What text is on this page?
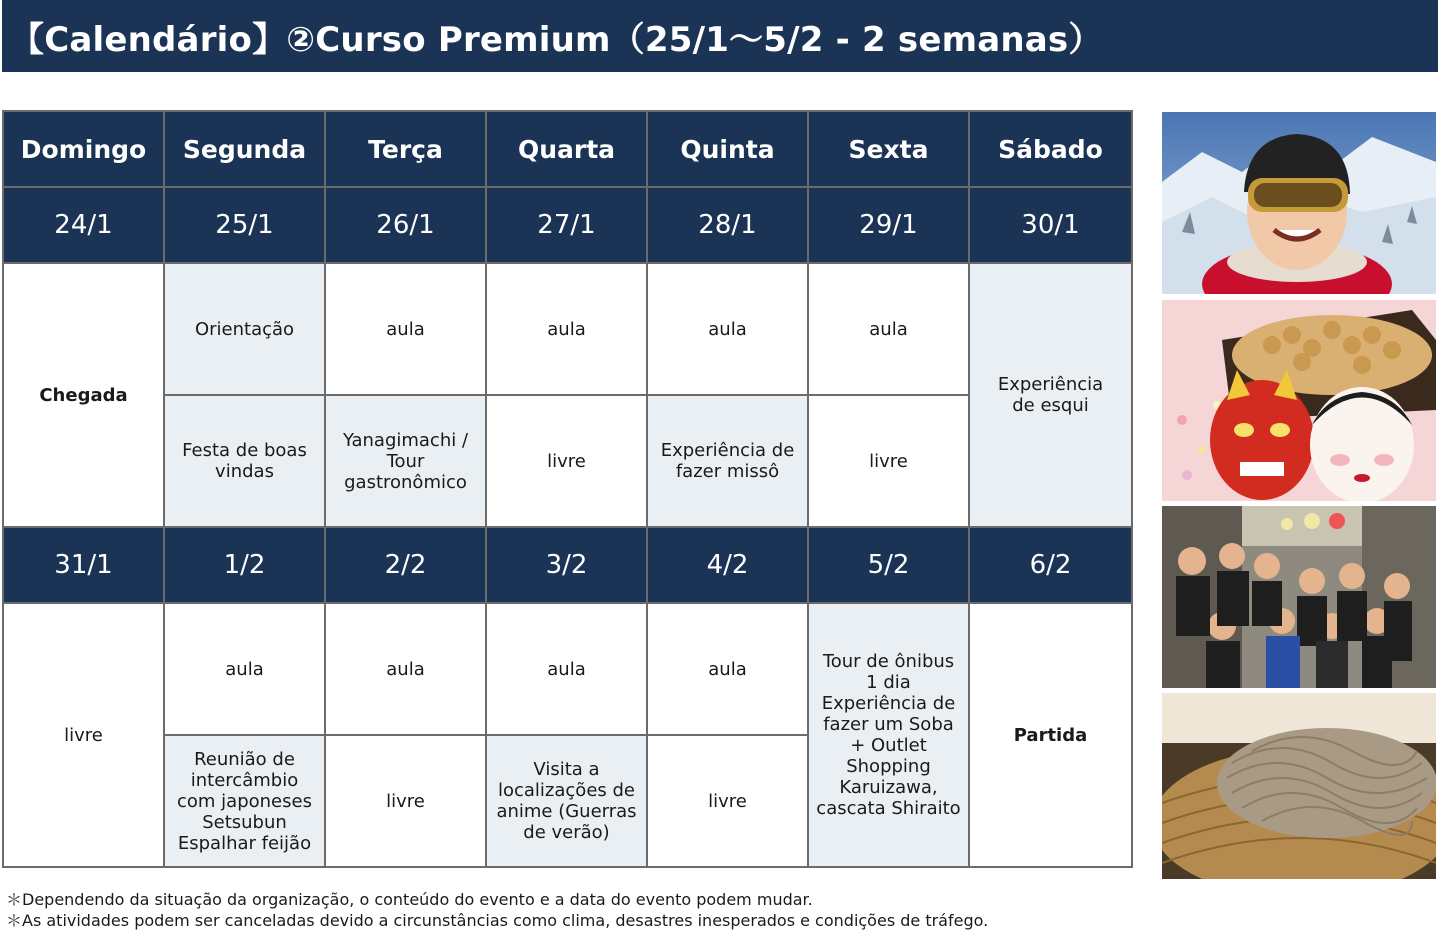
【Calendário】②Curso Premium（25/1〜5/2 - 2 semanas）
Domingo	Segunda	Terça	Quarta	Quinta	Sexta	Sábado
24/1	25/1	26/1	27/1	28/1	29/1	30/1
Chegada	Orientação	aula	aula	aula	aula	Experiência de esqui
	Festa de boas vindas	Yanagimachi / Tour gastronômico	livre	Experiência de fazer missô	livre	
31/1	1/2	2/2	3/2	4/2	5/2	6/2
livre	aula	aula	aula	aula	Tour de ônibus 1 dia Experiência de fazer um Soba + Outlet Shopping Karuizawa, cascata Shiraito	Partida
	Reunião de intercâmbio com japoneses Setsubun Espalhar feijão	livre	Visita a localizações de anime (Guerras de verão)	livre		
＊Dependendo da situação da organização, o conteúdo do evento e a data do evento podem mudar.
＊As atividades podem ser canceladas devido a circunstâncias como clima, desastres inesperados e condições de tráfego.
